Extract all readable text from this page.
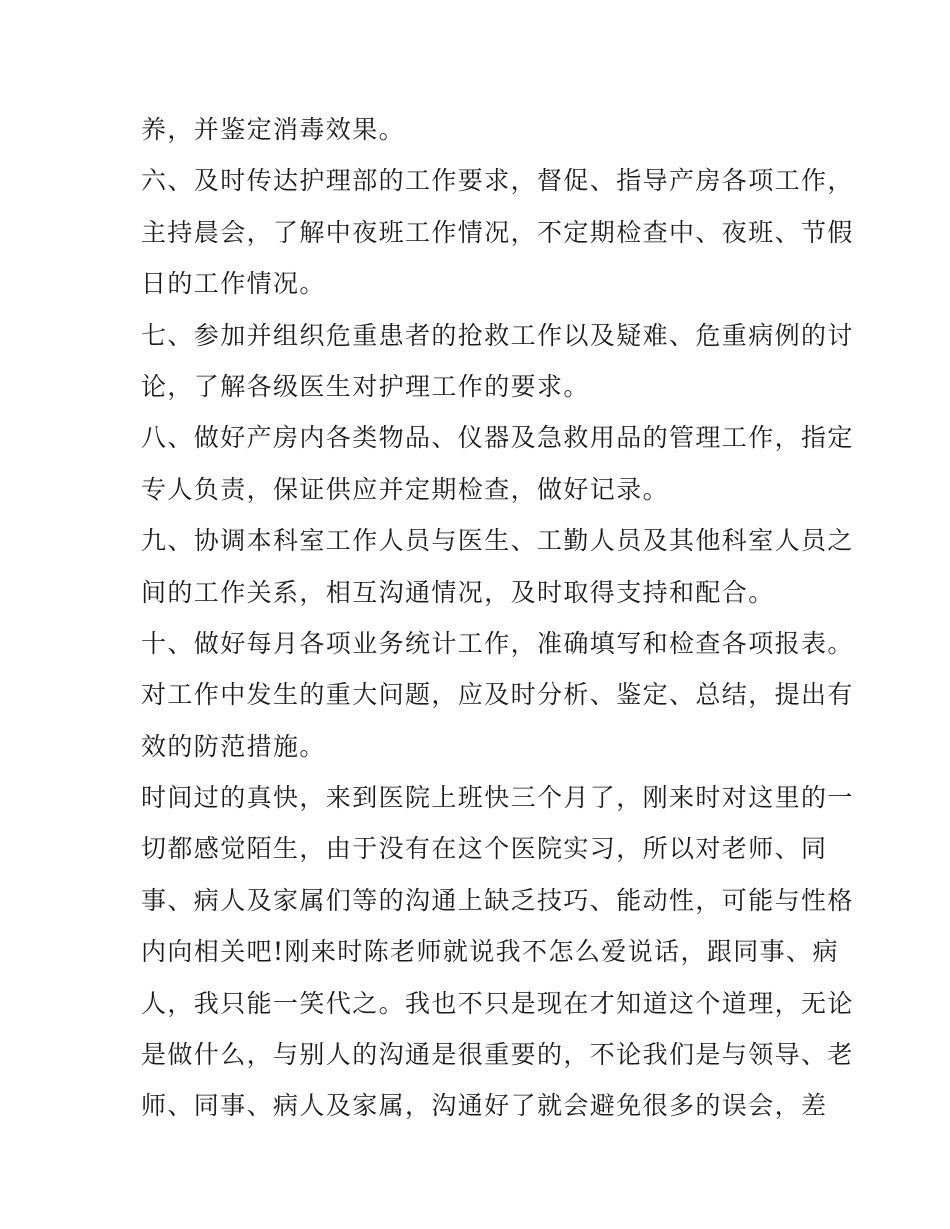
养，并鉴定消毒效果。
六、及时传达护理部的工作要求，督促、指导产房各项工作，
主持晨会，了解中夜班工作情况，不定期检查中、夜班、节假
日的工作情况。
七、参加并组织危重患者的抢救工作以及疑难、危重病例的讨
论，了解各级医生对护理工作的要求。
八、做好产房内各类物品、仪器及急救用品的管理工作，指定
专人负责，保证供应并定期检查，做好记录。
九、协调本科室工作人员与医生、工勤人员及其他科室人员之
间的工作关系，相互沟通情况，及时取得支持和配合。
十、做好每月各项业务统计工作，准确填写和检查各项报表。
对工作中发生的重大问题，应及时分析、鉴定、总结，提出有
效的防范措施。
时间过的真快，来到医院上班快三个月了，刚来时对这里的一
切都感觉陌生，由于没有在这个医院实习，所以对老师、同
事、病人及家属们等的沟通上缺乏技巧、能动性，可能与性格
内向相关吧!刚来时陈老师就说我不怎么爱说话，跟同事、病
人，我只能一笑代之。我也不只是现在才知道这个道理，无论
是做什么，与别人的沟通是很重要的，不论我们是与领导、老
师、同事、病人及家属，沟通好了就会避免很多的误会，差
